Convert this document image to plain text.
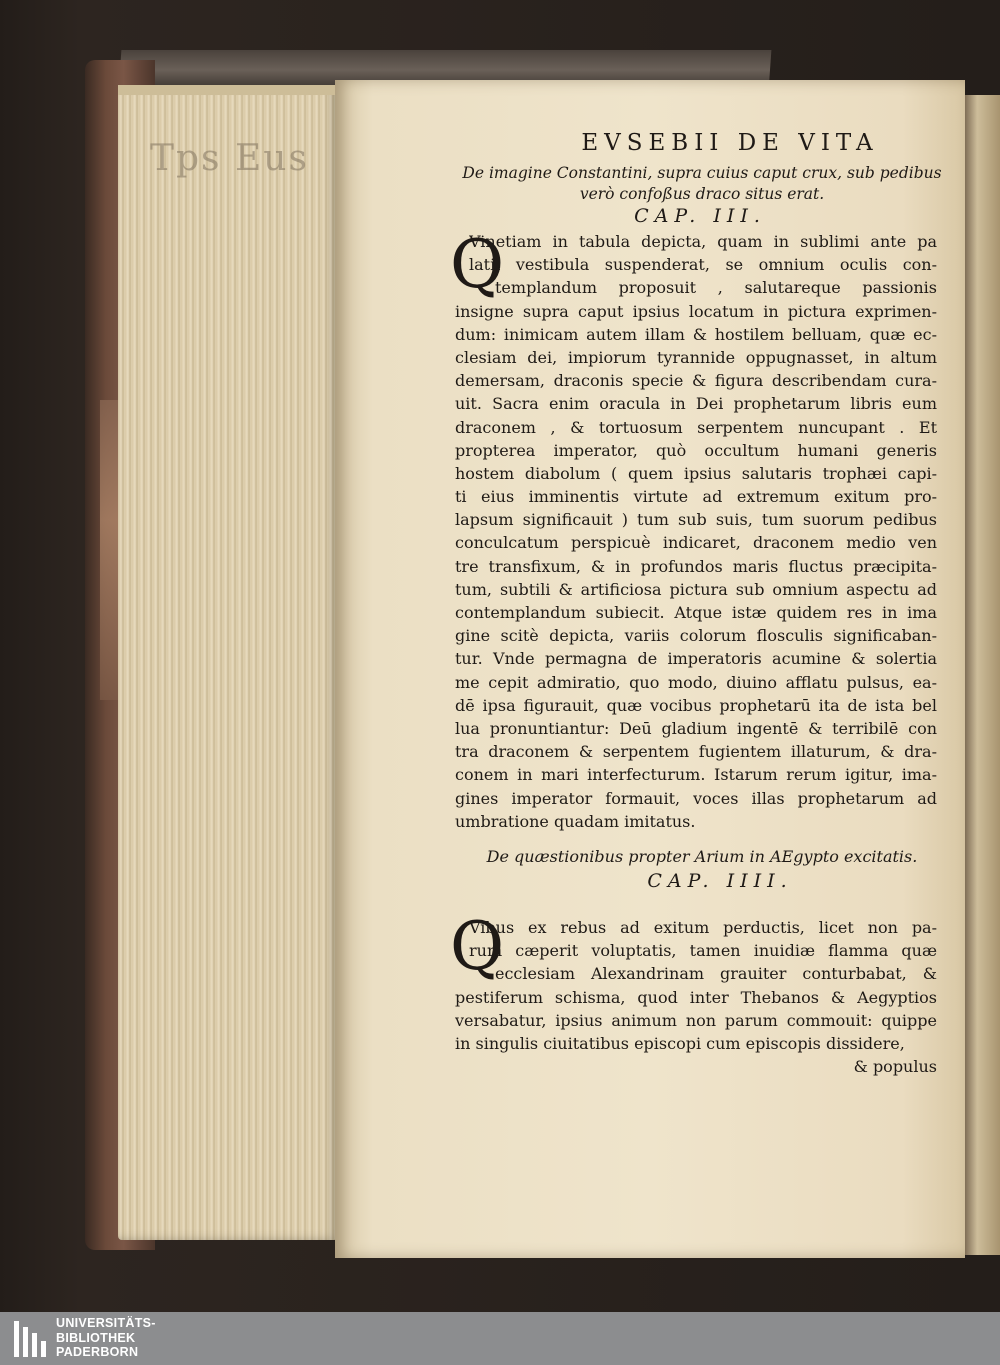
Tps Eus	EVSEBII DE VITA
De imagine Constantini, supra cuius caput crux, sub pedibus
verò confoßus draco situs erat.
CAP. III.
Q
Vinetiam in tabula depicta, quam in sublimi ante pa
latii vestibula suspenderat, se omnium oculis con-
templandum proposuit , salutareque passionis
insigne supra caput ipsius locatum in pictura exprimen-
dum: inimicam autem illam & hostilem belluam, quæ ec-
clesiam dei, impiorum tyrannide oppugnasset, in altum
demersam, draconis specie & figura describendam cura-
uit. Sacra enim oracula in Dei prophetarum libris eum
draconem , & tortuosum serpentem nuncupant . Et
propterea imperator, quò occultum humani generis
hostem diabolum ( quem ipsius salutaris trophæi capi-
ti eius imminentis virtute ad extremum exitum pro-
lapsum significauit ) tum sub suis, tum suorum pedibus
conculcatum perspicuè indicaret, draconem medio ven
tre transfixum, & in profundos maris fluctus præcipita-
tum, subtili & artificiosa pictura sub omnium aspectu ad
contemplandum subiecit. Atque istæ quidem res in ima
gine scitè depicta, variis colorum flosculis significaban-
tur. Vnde permagna de imperatoris acumine & solertia
me cepit admiratio, quo modo, diuino afflatu pulsus, ea-
dē ipsa figurauit, quæ vocibus prophetarū ita de ista bel
lua pronuntiantur: Deū gladium ingentē & terribilē con
tra draconem & serpentem fugientem illaturum, & dra-
conem in mari interfecturum. Istarum rerum igitur, ima-
gines imperator formauit, voces illas prophetarum ad
umbratione quadam imitatus.
De quæstionibus propter Arium in AEgypto excitatis.
CAP. IIII.
Q
Vibus ex rebus ad exitum perductis, licet non pa-
rum cæperit voluptatis, tamen inuidiæ flamma quæ
ecclesiam Alexandrinam grauiter conturbabat, &
pestiferum schisma, quod inter Thebanos & Aegyptios
versabatur, ipsius animum non parum commouit: quippe
in singulis ciuitatibus episcopi cum episcopis dissidere,
& populus
UNIVERSITÄTS-
BIBLIOTHEK
PADERBORN
